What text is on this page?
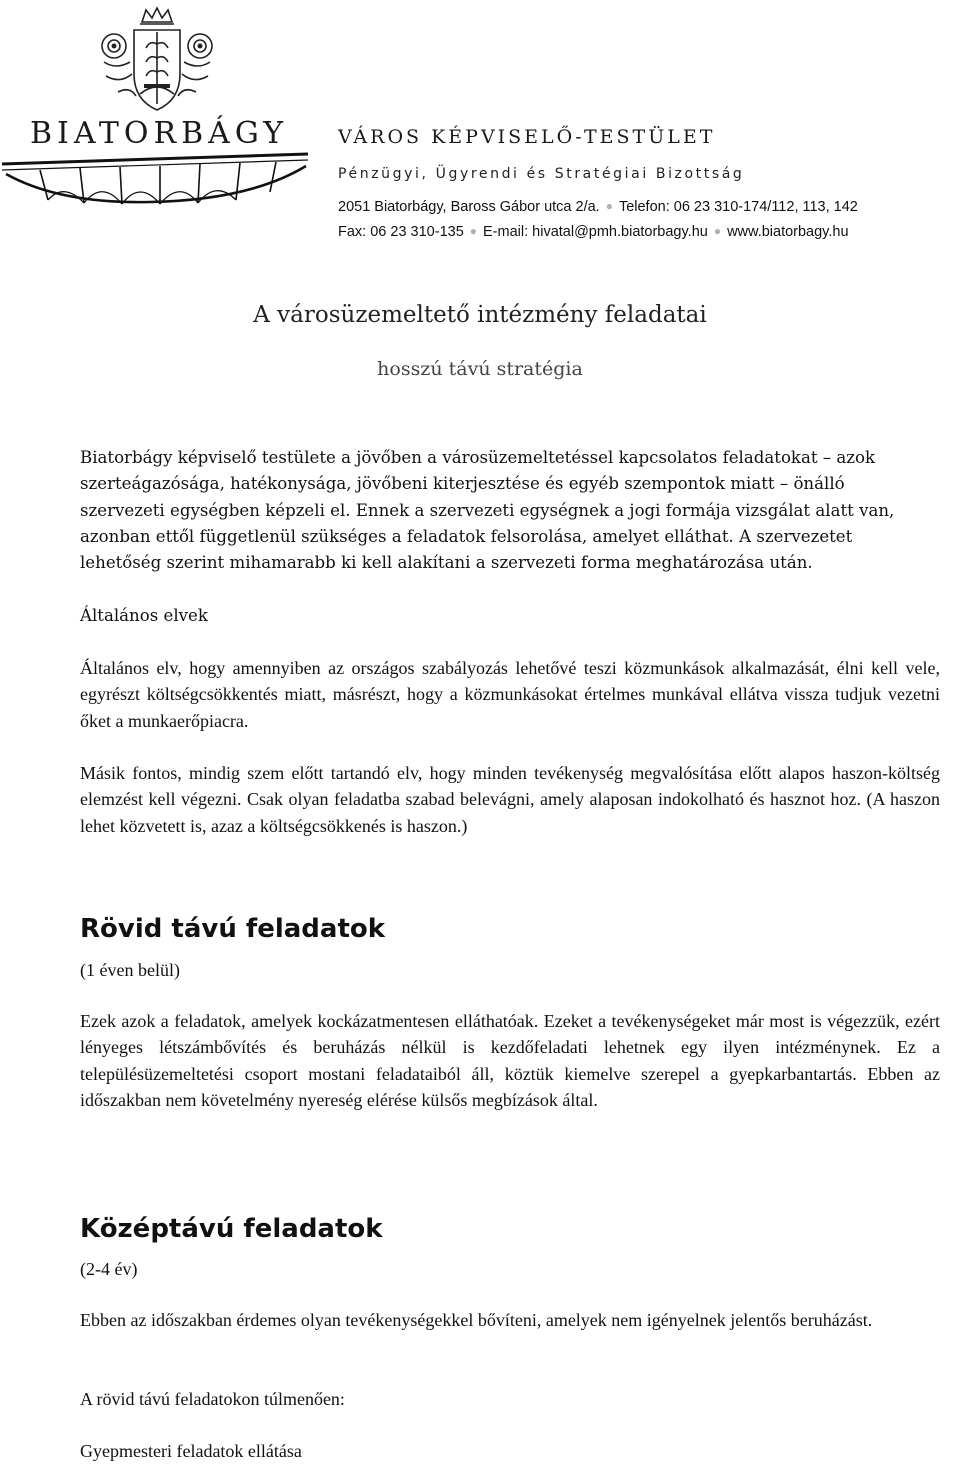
BIATORBÁGY	VÁROS KÉPVISELŐ-TESTÜLET
Pénzügyi, Ügyrendi és Stratégiai Bizottság
2051 Biatorbágy, Baross Gábor utca 2/a. ● Telefon: 06 23 310-174/112, 113, 142
Fax: 06 23 310-135 ● E-mail: hivatal@pmh.biatorbagy.hu ● www.biatorbagy.hu
A városüzemeltető intézmény feladatai
hosszú távú stratégia
Biatorbágy képviselő testülete a jövőben a városüzemeltetéssel kapcsolatos feladatokat – azok
szerteágazósága, hatékonysága, jövőbeni kiterjesztése és egyéb szempontok miatt – önálló
szervezeti egységben képzeli el. Ennek a szervezeti egységnek a jogi formája vizsgálat alatt van,
azonban ettől függetlenül szükséges a feladatok felsorolása, amelyet elláthat. A szervezetet
lehetőség szerint mihamarabb ki kell alakítani a szervezeti forma meghatározása után.
Általános elvek
Általános elv, hogy amennyiben az országos szabályozás lehetővé teszi közmunkások alkalmazását, élni kell vele, egyrészt költségcsökkentés miatt, másrészt, hogy a közmunkásokat értelmes munkával ellátva vissza tudjuk vezetni őket a munkaerőpiacra.
Másik fontos, mindig szem előtt tartandó elv, hogy minden tevékenység megvalósítása előtt alapos haszon-költség elemzést kell végezni. Csak olyan feladatba szabad belevágni, amely alaposan indokolható és hasznot hoz. (A haszon lehet közvetett is, azaz a költségcsökkenés is haszon.)
Rövid távú feladatok
(1 éven belül)
Ezek azok a feladatok, amelyek kockázatmentesen elláthatóak. Ezeket a tevékenységeket már most is végezzük, ezért lényeges létszámbővítés és beruházás nélkül is kezdőfeladati lehetnek egy ilyen intézménynek. Ez a településüzemeltetési csoport mostani feladataiból áll, köztük kiemelve szerepel a gyepkarbantartás. Ebben az időszakban nem követelmény nyereség elérése külsős megbízások által.
Középtávú feladatok
(2-4 év)
Ebben az időszakban érdemes olyan tevékenységekkel bővíteni, amelyek nem igényelnek jelentős beruházást.
A rövid távú feladatokon túlmenően:
Gyepmesteri feladatok ellátása
